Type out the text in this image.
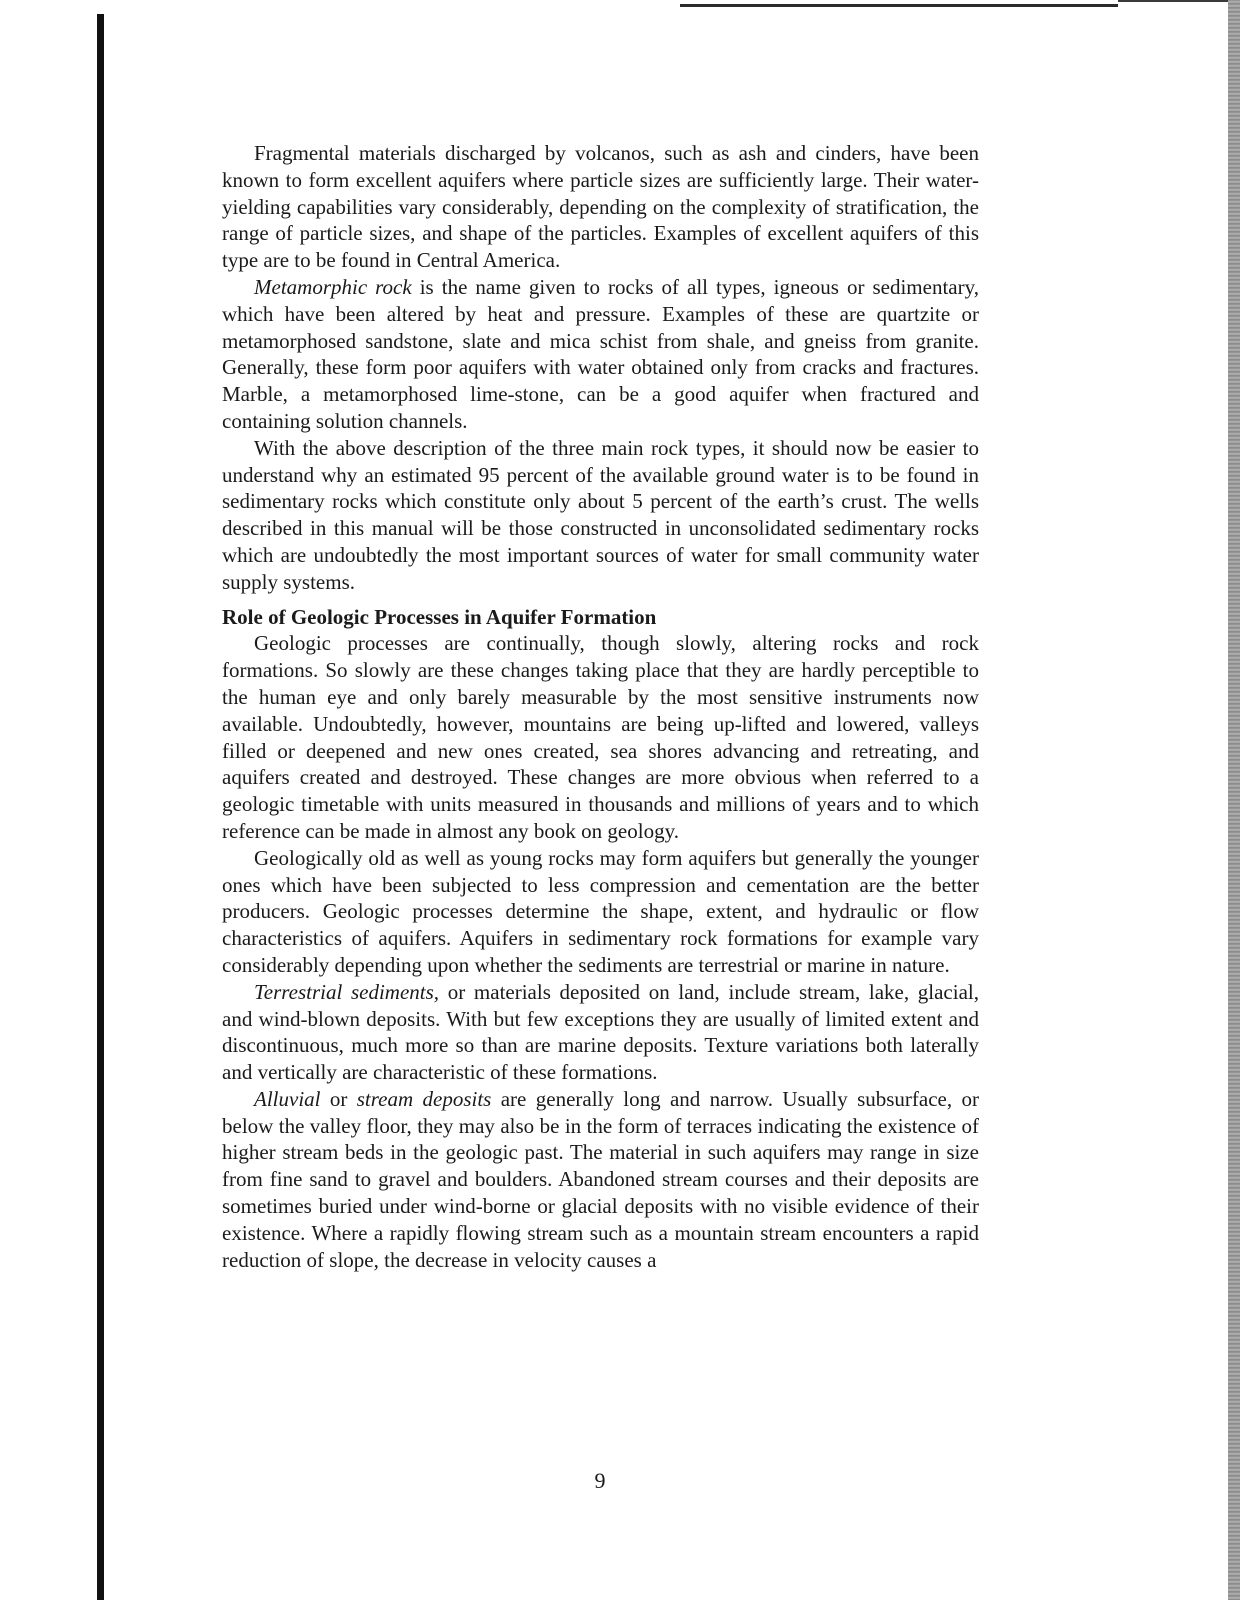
Fragmental materials discharged by volcanos, such as ash and cinders, have been known to form excellent aquifers where particle sizes are sufficiently large. Their water-yielding capabilities vary considerably, depending on the complexity of stratification, the range of particle sizes, and shape of the particles. Examples of excellent aquifers of this type are to be found in Central America.

Metamorphic rock is the name given to rocks of all types, igneous or sedimentary, which have been altered by heat and pressure. Examples of these are quartzite or metamorphosed sandstone, slate and mica schist from shale, and gneiss from granite. Generally, these form poor aquifers with water obtained only from cracks and fractures. Marble, a metamorphosed lime-stone, can be a good aquifer when fractured and containing solution channels.

With the above description of the three main rock types, it should now be easier to understand why an estimated 95 percent of the available ground water is to be found in sedimentary rocks which constitute only about 5 percent of the earth’s crust. The wells described in this manual will be those constructed in unconsolidated sedimentary rocks which are undoubtedly the most important sources of water for small community water supply systems.

Role of Geologic Processes in Aquifer Formation

Geologic processes are continually, though slowly, altering rocks and rock formations. So slowly are these changes taking place that they are hardly perceptible to the human eye and only barely measurable by the most sensitive instruments now available. Undoubtedly, however, mountains are being up-lifted and lowered, valleys filled or deepened and new ones created, sea shores advancing and retreating, and aquifers created and destroyed. These changes are more obvious when referred to a geologic timetable with units measured in thousands and millions of years and to which reference can be made in almost any book on geology.

Geologically old as well as young rocks may form aquifers but generally the younger ones which have been subjected to less compression and cementation are the better producers. Geologic processes determine the shape, extent, and hydraulic or flow characteristics of aquifers. Aquifers in sedimentary rock formations for example vary considerably depending upon whether the sediments are terrestrial or marine in nature.

Terrestrial sediments, or materials deposited on land, include stream, lake, glacial, and wind-blown deposits. With but few exceptions they are usually of limited extent and discontinuous, much more so than are marine deposits. Texture variations both laterally and vertically are characteristic of these formations.

Alluvial or stream deposits are generally long and narrow. Usually subsurface, or below the valley floor, they may also be in the form of terraces indicating the existence of higher stream beds in the geologic past. The material in such aquifers may range in size from fine sand to gravel and boulders. Abandoned stream courses and their deposits are sometimes buried under wind-borne or glacial deposits with no visible evidence of their existence. Where a rapidly flowing stream such as a mountain stream encounters a rapid reduction of slope, the decrease in velocity causes a

9
